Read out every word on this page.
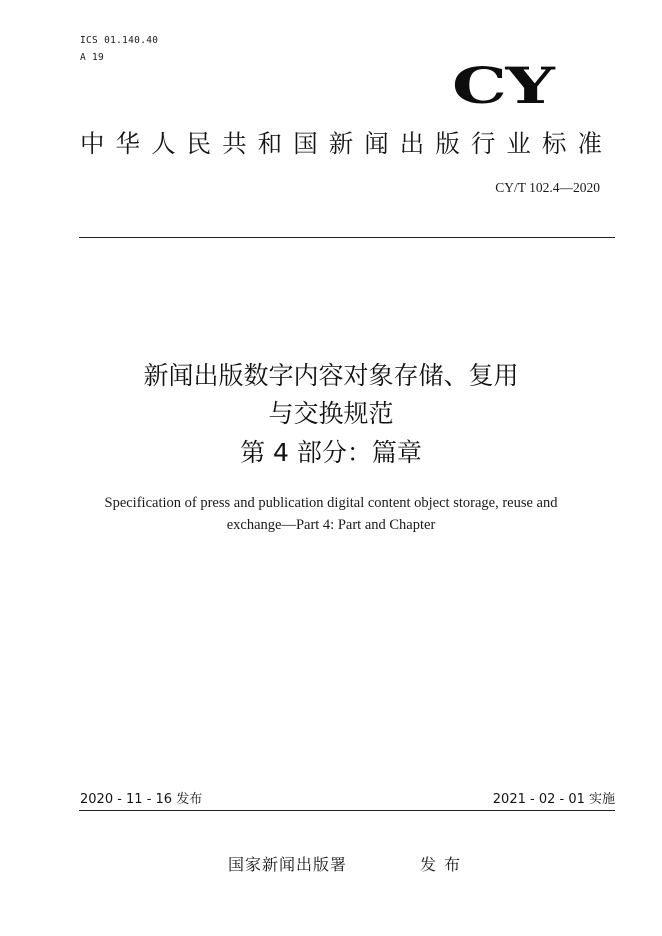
ICS 01.140.40
A 19	CY
中 华 人 民 共 和 国 新 闻 出 版 行 业 标 准
CY/T 102.4—2020
新闻出版数字内容对象存储、复用
与交换规范
第 4 部分：篇章
Specification of press and publication digital content object storage, reuse and
exchange—Part 4: Part and Chapter
2020 - 11 - 16 发布	2021 - 02 - 01 实施
国家新闻出版署	发布
